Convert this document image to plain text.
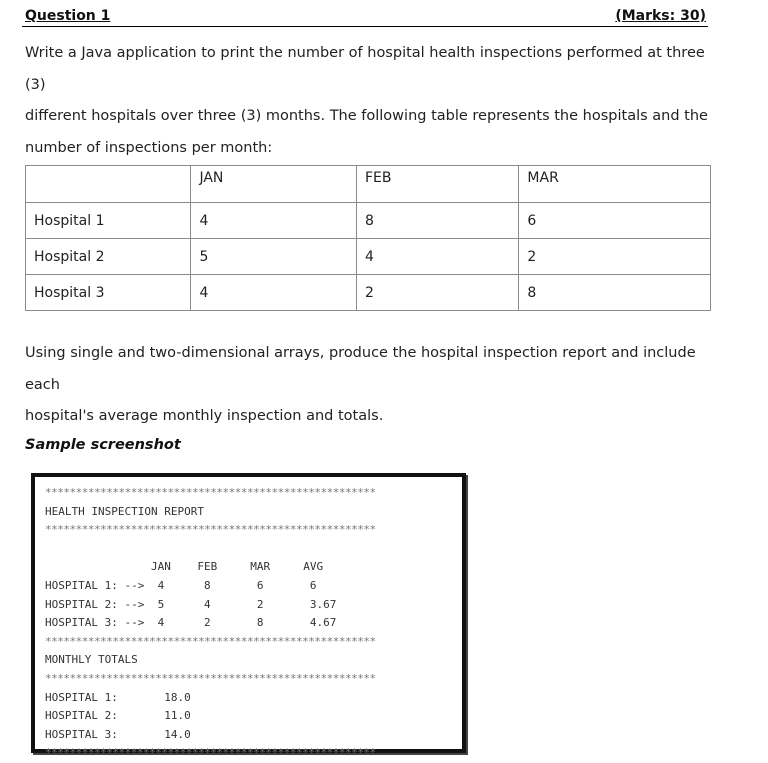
Question 1	(Marks: 30)
Write a Java application to print the number of hospital health inspections performed at three (3)
different hospitals over three (3) months. The following table represents the hospitals and the
number of inspections per month:
	JAN	FEB	MAR
Hospital 1	4	8	6
Hospital 2	5	4	2
Hospital 3	4	2	8
Using single and two-dimensional arrays, produce the hospital inspection report and include each
hospital's average monthly inspection and totals.
Sample screenshot
******************************************************
HEALTH INSPECTION REPORT
******************************************************

JAN    FEB     MAR     AVG
HOSPITAL 1: -->  4      8       6       6
HOSPITAL 2: -->  5      4       2       3.67
HOSPITAL 3: -->  4      2       8       4.67
******************************************************
MONTHLY TOTALS
******************************************************
HOSPITAL 1:       18.0
HOSPITAL 2:       11.0
HOSPITAL 3:       14.0
******************************************************
